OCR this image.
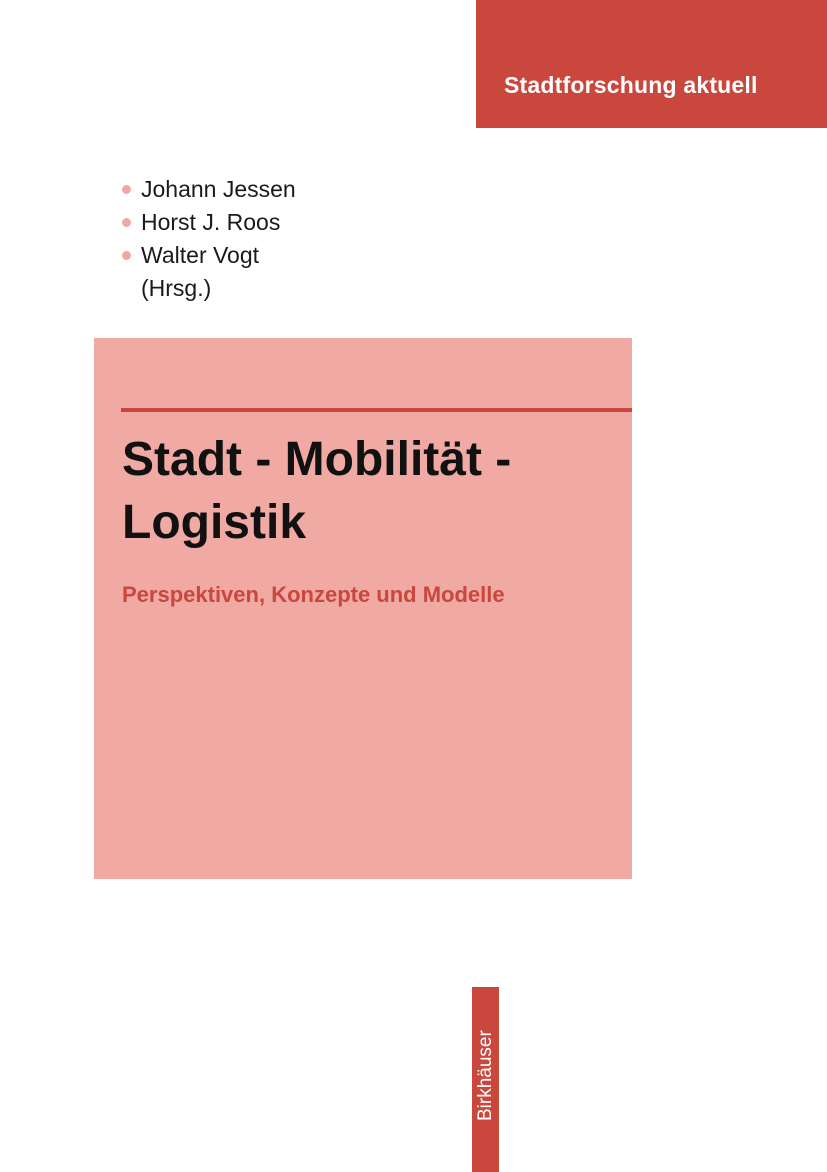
Stadtforschung aktuell
Johann Jessen
Horst J. Roos
Walter Vogt
(Hrsg.)
Stadt - Mobilität - Logistik

Perspektiven, Konzepte und Modelle

Birkhäuser
